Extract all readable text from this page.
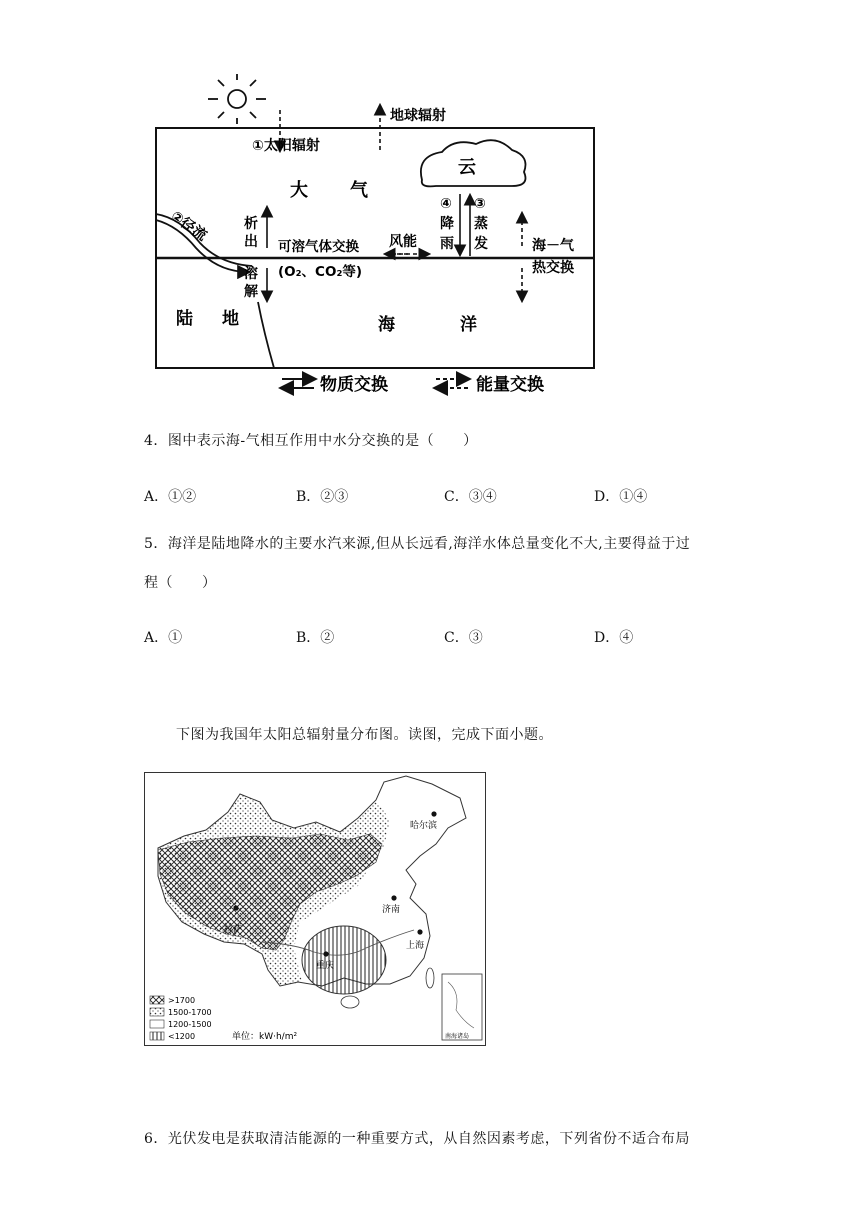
①太阳辐射
地球辐射
云
大 气
②径流 析
出
溶
解
可溶气体交换
(O₂、CO₂等)
风能
④
降
雨
③
蒸
发	海－气
热交换
陆 地	海	洋
物质交换	能量交换
4．图中表示海-气相互作用中水分交换的是（　　）
A．①②	B．②③	C．③④	D．①④
5．海洋是陆地降水的主要水汽来源,但从长远看,海洋水体总量变化不大,主要得益于过
程（　　）
A．①	B．②	C．③	D．④
下图为我国年太阳总辐射量分布图。读图，完成下面小题。
哈尔滨
拉萨
济南
上海
重庆
南海诸岛
>1700
1500-1700
1200-1500
<1200	单位：kW·h/m²
6．光伏发电是获取清洁能源的一种重要方式，从自然因素考虑，下列省份不适合布局
